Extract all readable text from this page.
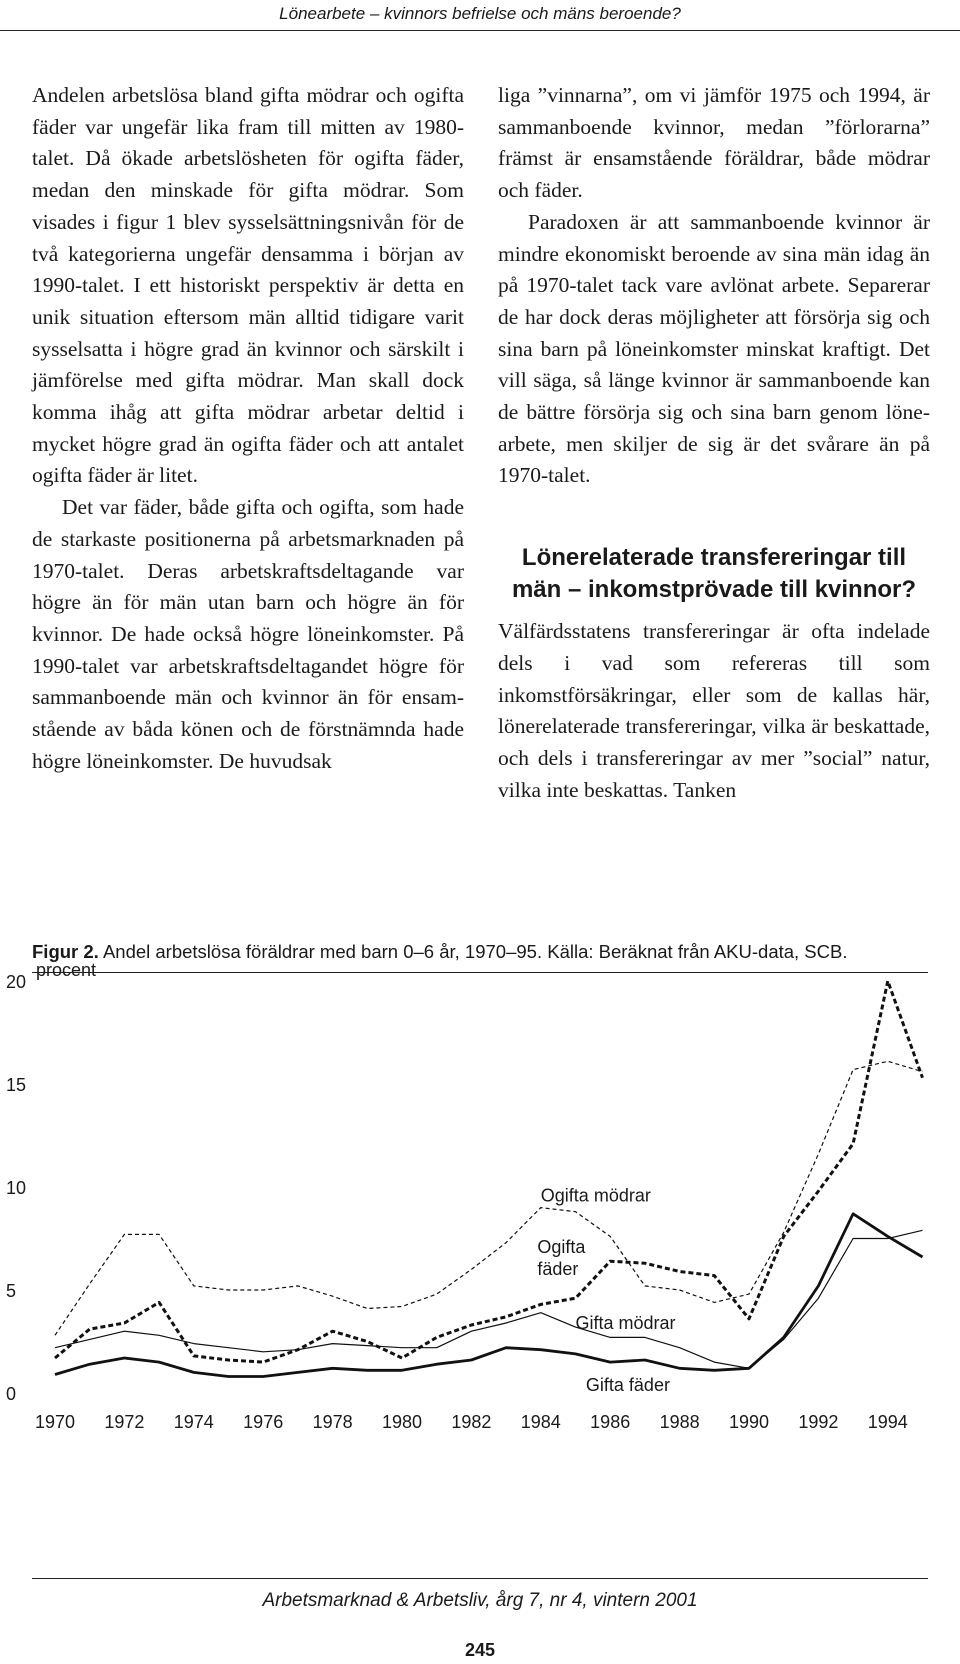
Lönearbete – kvinnors befrielse och mäns beroende?

Andelen arbetslösa bland gifta mödrar och ogifta fäder var ungefär lika fram till mitten av 1980-talet. Då ökade arbetslösheten för ogifta fäder, medan den minskade för gifta mödrar. Som visades i figur 1 blev sysselsättningsnivån för de två kategorierna ungefär densamma i början av 1990-talet. I ett historiskt perspektiv är detta en unik situation eftersom män alltid tidigare varit sysselsatta i högre grad än kvinnor och särskilt i jämförelse med gifta mödrar. Man skall dock komma ihåg att gifta mödrar arbetar deltid i mycket högre grad än ogifta fäder och att antalet ogifta fäder är litet.

Det var fäder, både gifta och ogifta, som hade de starkaste positionerna på arbetsmarknaden på 1970-talet. Deras arbetskraftsdeltagande var högre än för män utan barn och högre än för kvinnor. De hade också högre löneinkomster. På 1990-talet var arbetskraftsdeltagandet högre för sammanboende män och kvinnor än för ensamstående av båda könen och de förstnämnda hade högre löneinkomster. De huvudsak

liga ”vinnarna”, om vi jämför 1975 och 1994, är sammanboende kvinnor, medan ”förlorarna” främst är ensamstående föräldrar, både mödrar och fäder.

Paradoxen är att sammanboende kvinnor är mindre ekonomiskt beroende av sina män idag än på 1970-talet tack vare avlönat arbete. Separerar de har dock deras möjligheter att försörja sig och sina barn på löneinkomster minskat kraftigt. Det vill säga, så länge kvinnor är sammanboende kan de bättre försörja sig och sina barn genom lönearbete, men skiljer de sig är det svårare än på 1970-talet.

Lönerelaterade transfereringar till män – inkomstprövade till kvinnor?

Välfärdsstatens transfereringar är ofta indelade dels i vad som refereras till som inkomstförsäkringar, eller som de kallas här, lönerelaterade transfereringar, vilka är beskattade, och dels i transfereringar av mer ”social” natur, vilka inte beskattas. Tanken

Figur 2. Andel arbetslösa föräldrar med barn 0–6 år, 1970–95. Källa: Beräknat från AKU-data, SCB.
0
5
10
15
20
procent
1970 1972 1974 1976 1978 1980 1982 1984 1986 1988 1990 1992 1994
Ogifta mödrar
Ogifta fäder
Gifta mödrar
Gifta fäder
Arbetsmarknad & Arbetsliv, årg 7, nr 4, vintern 2001
245
